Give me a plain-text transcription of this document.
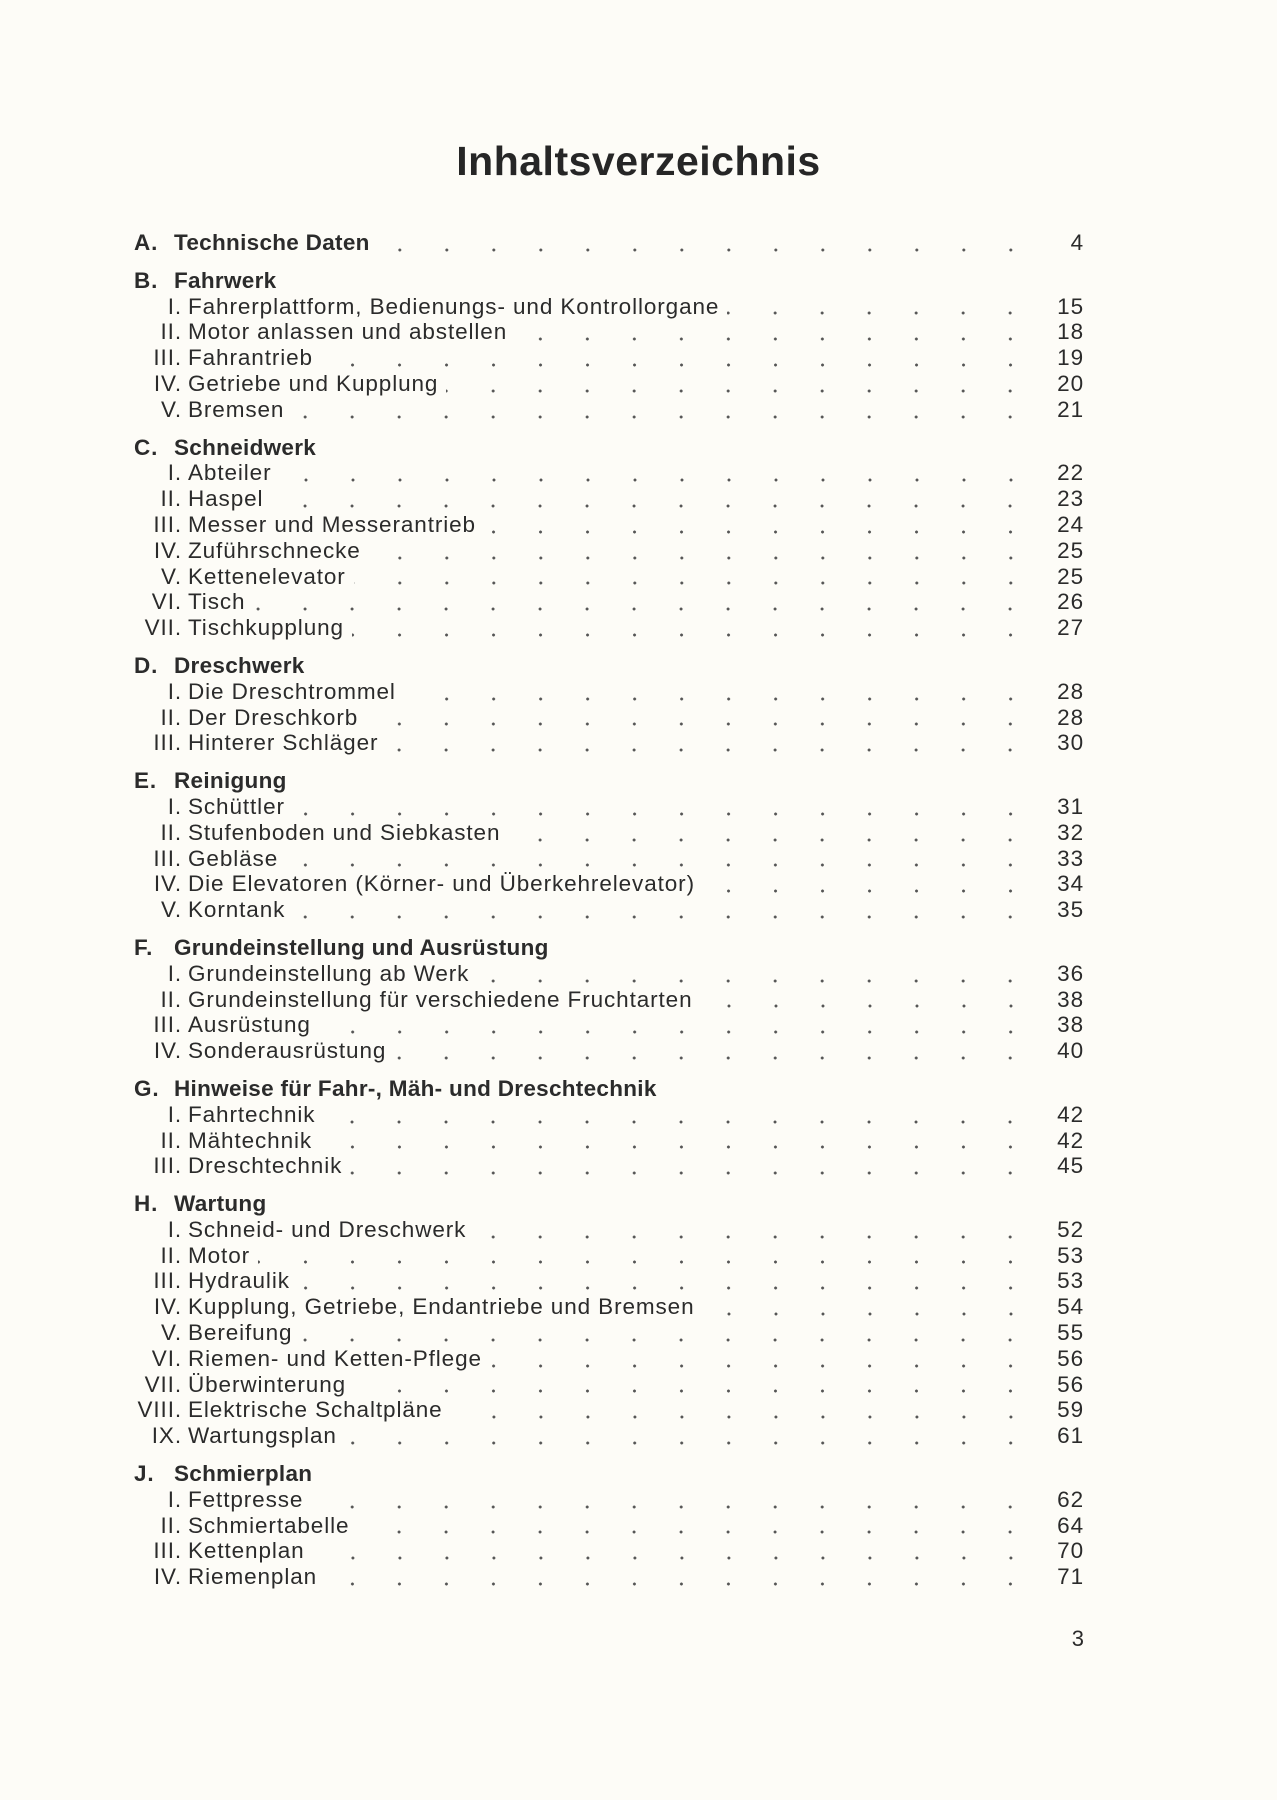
Inhaltsverzeichnis
A. Technische Daten	4
B. Fahrwerk
I. Fahrerplattform, Bedienungs- und Kontrollorgane	15
II. Motor anlassen und abstellen	18
III. Fahrantrieb	19
IV. Getriebe und Kupplung	20
V. Bremsen	21
C. Schneidwerk
I. Abteiler	22
II. Haspel	23
III. Messer und Messerantrieb	24
IV. Zuführschnecke	25
V. Kettenelevator	25
VI. Tisch	26
VII. Tischkupplung	27
D. Dreschwerk
I. Die Dreschtrommel	28
II. Der Dreschkorb	28
III. Hinterer Schläger	30
E. Reinigung
I. Schüttler	31
II. Stufenboden und Siebkasten	32
III. Gebläse	33
IV. Die Elevatoren (Körner- und Überkehrelevator)	34
V. Korntank	35
F. Grundeinstellung und Ausrüstung
I. Grundeinstellung ab Werk	36
II. Grundeinstellung für verschiedene Fruchtarten	38
III. Ausrüstung	38
IV. Sonderausrüstung	40
G. Hinweise für Fahr-, Mäh- und Dreschtechnik
I. Fahrtechnik	42
II. Mähtechnik	42
III. Dreschtechnik	45
H. Wartung
I. Schneid- und Dreschwerk	52
II. Motor	53
III. Hydraulik	53
IV. Kupplung, Getriebe, Endantriebe und Bremsen	54
V. Bereifung	55
VI. Riemen- und Ketten-Pflege	56
VII. Überwinterung	56
VIII. Elektrische Schaltpläne	59
IX. Wartungsplan	61
J. Schmierplan
I. Fettpresse	62
II. Schmiertabelle	64
III. Kettenplan	70
IV. Riemenplan	71
3
